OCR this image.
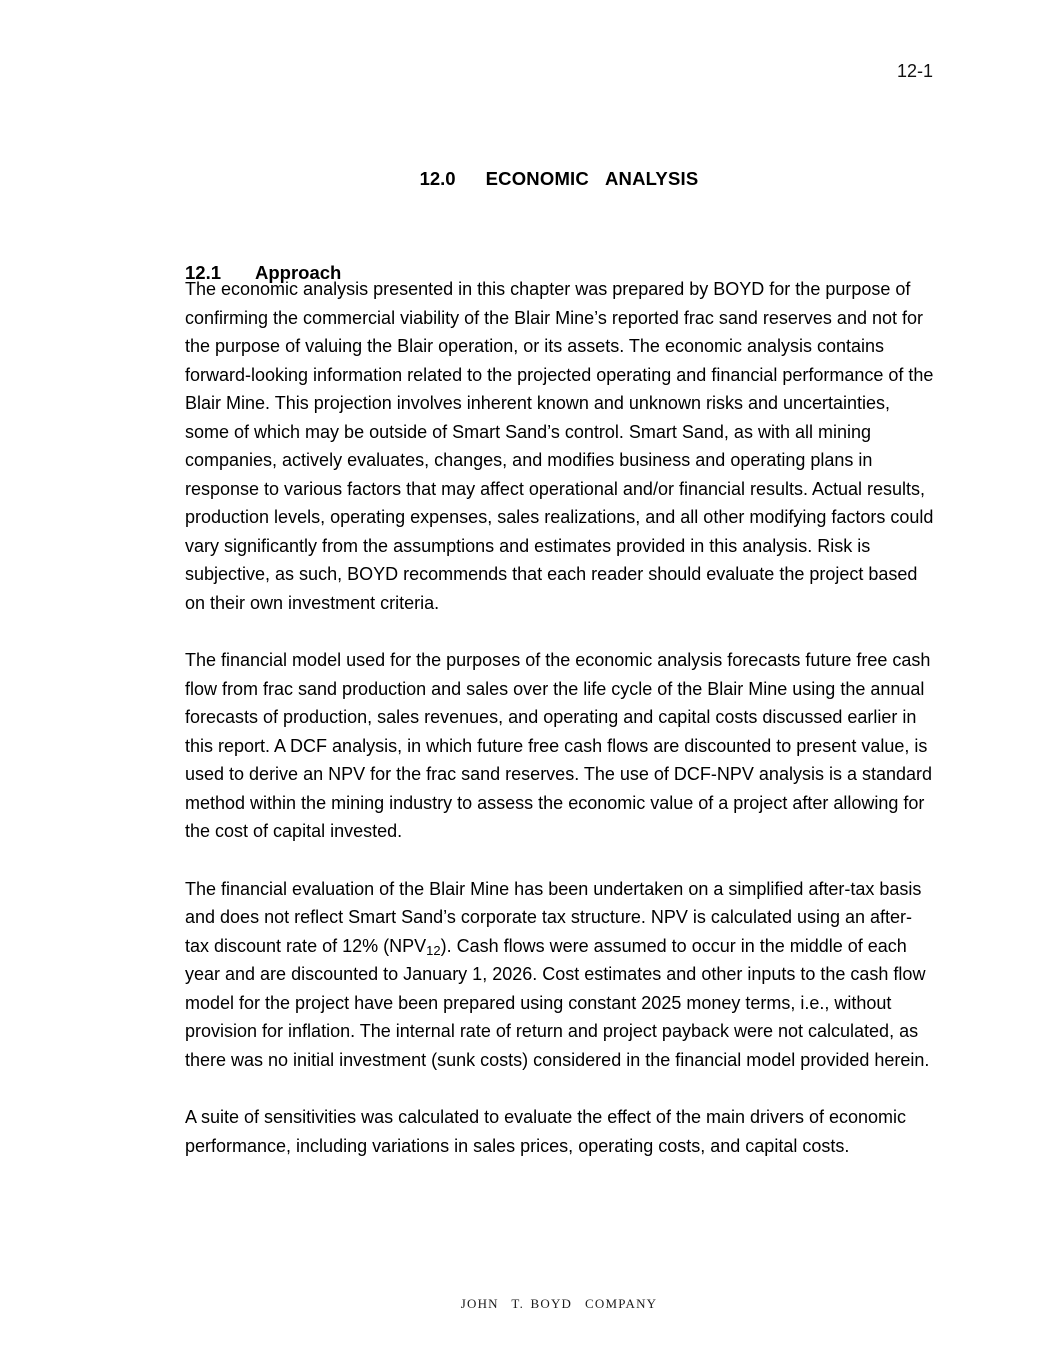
12-1
12.0 ECONOMIC  ANALYSIS
12.1 Approach

The economic analysis presented in this chapter was prepared by BOYD for the purpose of confirming the commercial viability of the Blair Mine’s reported frac sand reserves and not for the purpose of valuing the Blair operation, or its assets. The economic analysis contains forward-looking information related to the projected operating and financial performance of the Blair Mine. This projection involves inherent known and unknown risks and uncertainties, some of which may be outside of Smart Sand’s control. Smart Sand, as with all mining companies, actively evaluates, changes, and modifies business and operating plans in response to various factors that may affect operational and/or financial results. Actual results, production levels, operating expenses, sales realizations, and all other modifying factors could vary significantly from the assumptions and estimates provided in this analysis. Risk is subjective, as such, BOYD recommends that each reader should evaluate the project based on their own investment criteria.

The financial model used for the purposes of the economic analysis forecasts future free cash flow from frac sand production and sales over the life cycle of the Blair Mine using the annual forecasts of production, sales revenues, and operating and capital costs discussed earlier in this report. A DCF analysis, in which future free cash flows are discounted to present value, is used to derive an NPV for the frac sand reserves. The use of DCF-NPV analysis is a standard method within the mining industry to assess the economic value of a project after allowing for the cost of capital invested.

The financial evaluation of the Blair Mine has been undertaken on a simplified after-tax basis and does not reflect Smart Sand’s corporate tax structure. NPV is calculated using an after-tax discount rate of 12% $(NPV_{12})$. Cash flows were assumed to occur in the middle of each year and are discounted to January 1, 2026. Cost estimates and other inputs to the cash flow model for the project have been prepared using constant 2025 money terms, i.e., without provision for inflation. The internal rate of return and project payback were not calculated, as there was no initial investment (sunk costs) considered in the financial model provided herein.

A suite of sensitivities was calculated to evaluate the effect of the main drivers of economic performance, including variations in sales prices, operating costs, and capital costs.

JOHN  T. BOYD  COMPANY
